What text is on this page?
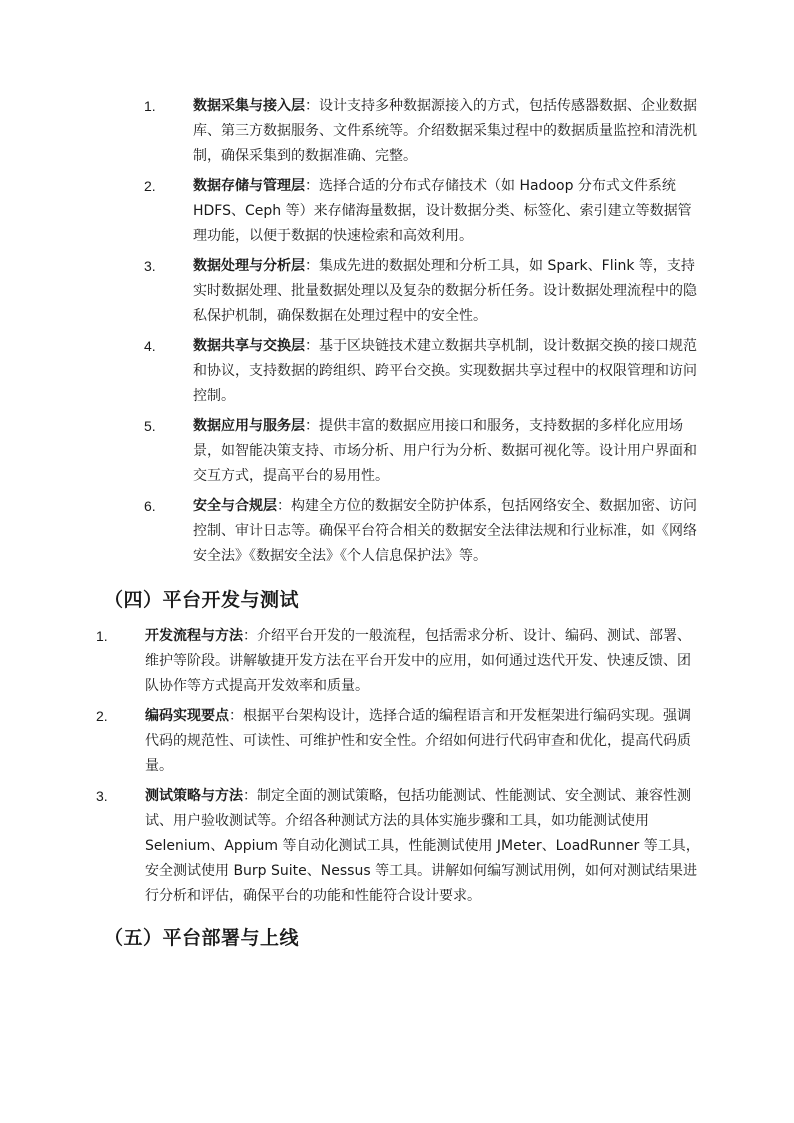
1.	数据采集与接入层：设计支持多种数据源接入的方式，包括传感器数据、企业数据库、第三方数据服务、文件系统等。介绍数据采集过程中的数据质量监控和清洗机制，确保采集到的数据准确、完整。
2.	数据存储与管理层：选择合适的分布式存储技术（如 Hadoop 分布式文件系统 HDFS、Ceph 等）来存储海量数据，设计数据分类、标签化、索引建立等数据管理功能，以便于数据的快速检索和高效利用。
3.	数据处理与分析层：集成先进的数据处理和分析工具，如 Spark、Flink 等，支持实时数据处理、批量数据处理以及复杂的数据分析任务。设计数据处理流程中的隐私保护机制，确保数据在处理过程中的安全性。
4.	数据共享与交换层：基于区块链技术建立数据共享机制，设计数据交换的接口规范和协议，支持数据的跨组织、跨平台交换。实现数据共享过程中的权限管理和访问控制。
5.	数据应用与服务层：提供丰富的数据应用接口和服务，支持数据的多样化应用场景，如智能决策支持、市场分析、用户行为分析、数据可视化等。设计用户界面和交互方式，提高平台的易用性。
6.	安全与合规层：构建全方位的数据安全防护体系，包括网络安全、数据加密、访问控制、审计日志等。确保平台符合相关的数据安全法律法规和行业标准，如《网络安全法》《数据安全法》《个人信息保护法》等。
（四）平台开发与测试
1.	开发流程与方法：介绍平台开发的一般流程，包括需求分析、设计、编码、测试、部署、维护等阶段。讲解敏捷开发方法在平台开发中的应用，如何通过迭代开发、快速反馈、团队协作等方式提高开发效率和质量。
2.	编码实现要点：根据平台架构设计，选择合适的编程语言和开发框架进行编码实现。强调代码的规范性、可读性、可维护性和安全性。介绍如何进行代码审查和优化，提高代码质量。
3.	测试策略与方法：制定全面的测试策略，包括功能测试、性能测试、安全测试、兼容性测试、用户验收测试等。介绍各种测试方法的具体实施步骤和工具，如功能测试使用 Selenium、Appium 等自动化测试工具，性能测试使用 JMeter、LoadRunner 等工具，安全测试使用 Burp Suite、Nessus 等工具。讲解如何编写测试用例，如何对测试结果进行分析和评估，确保平台的功能和性能符合设计要求。
（五）平台部署与上线
